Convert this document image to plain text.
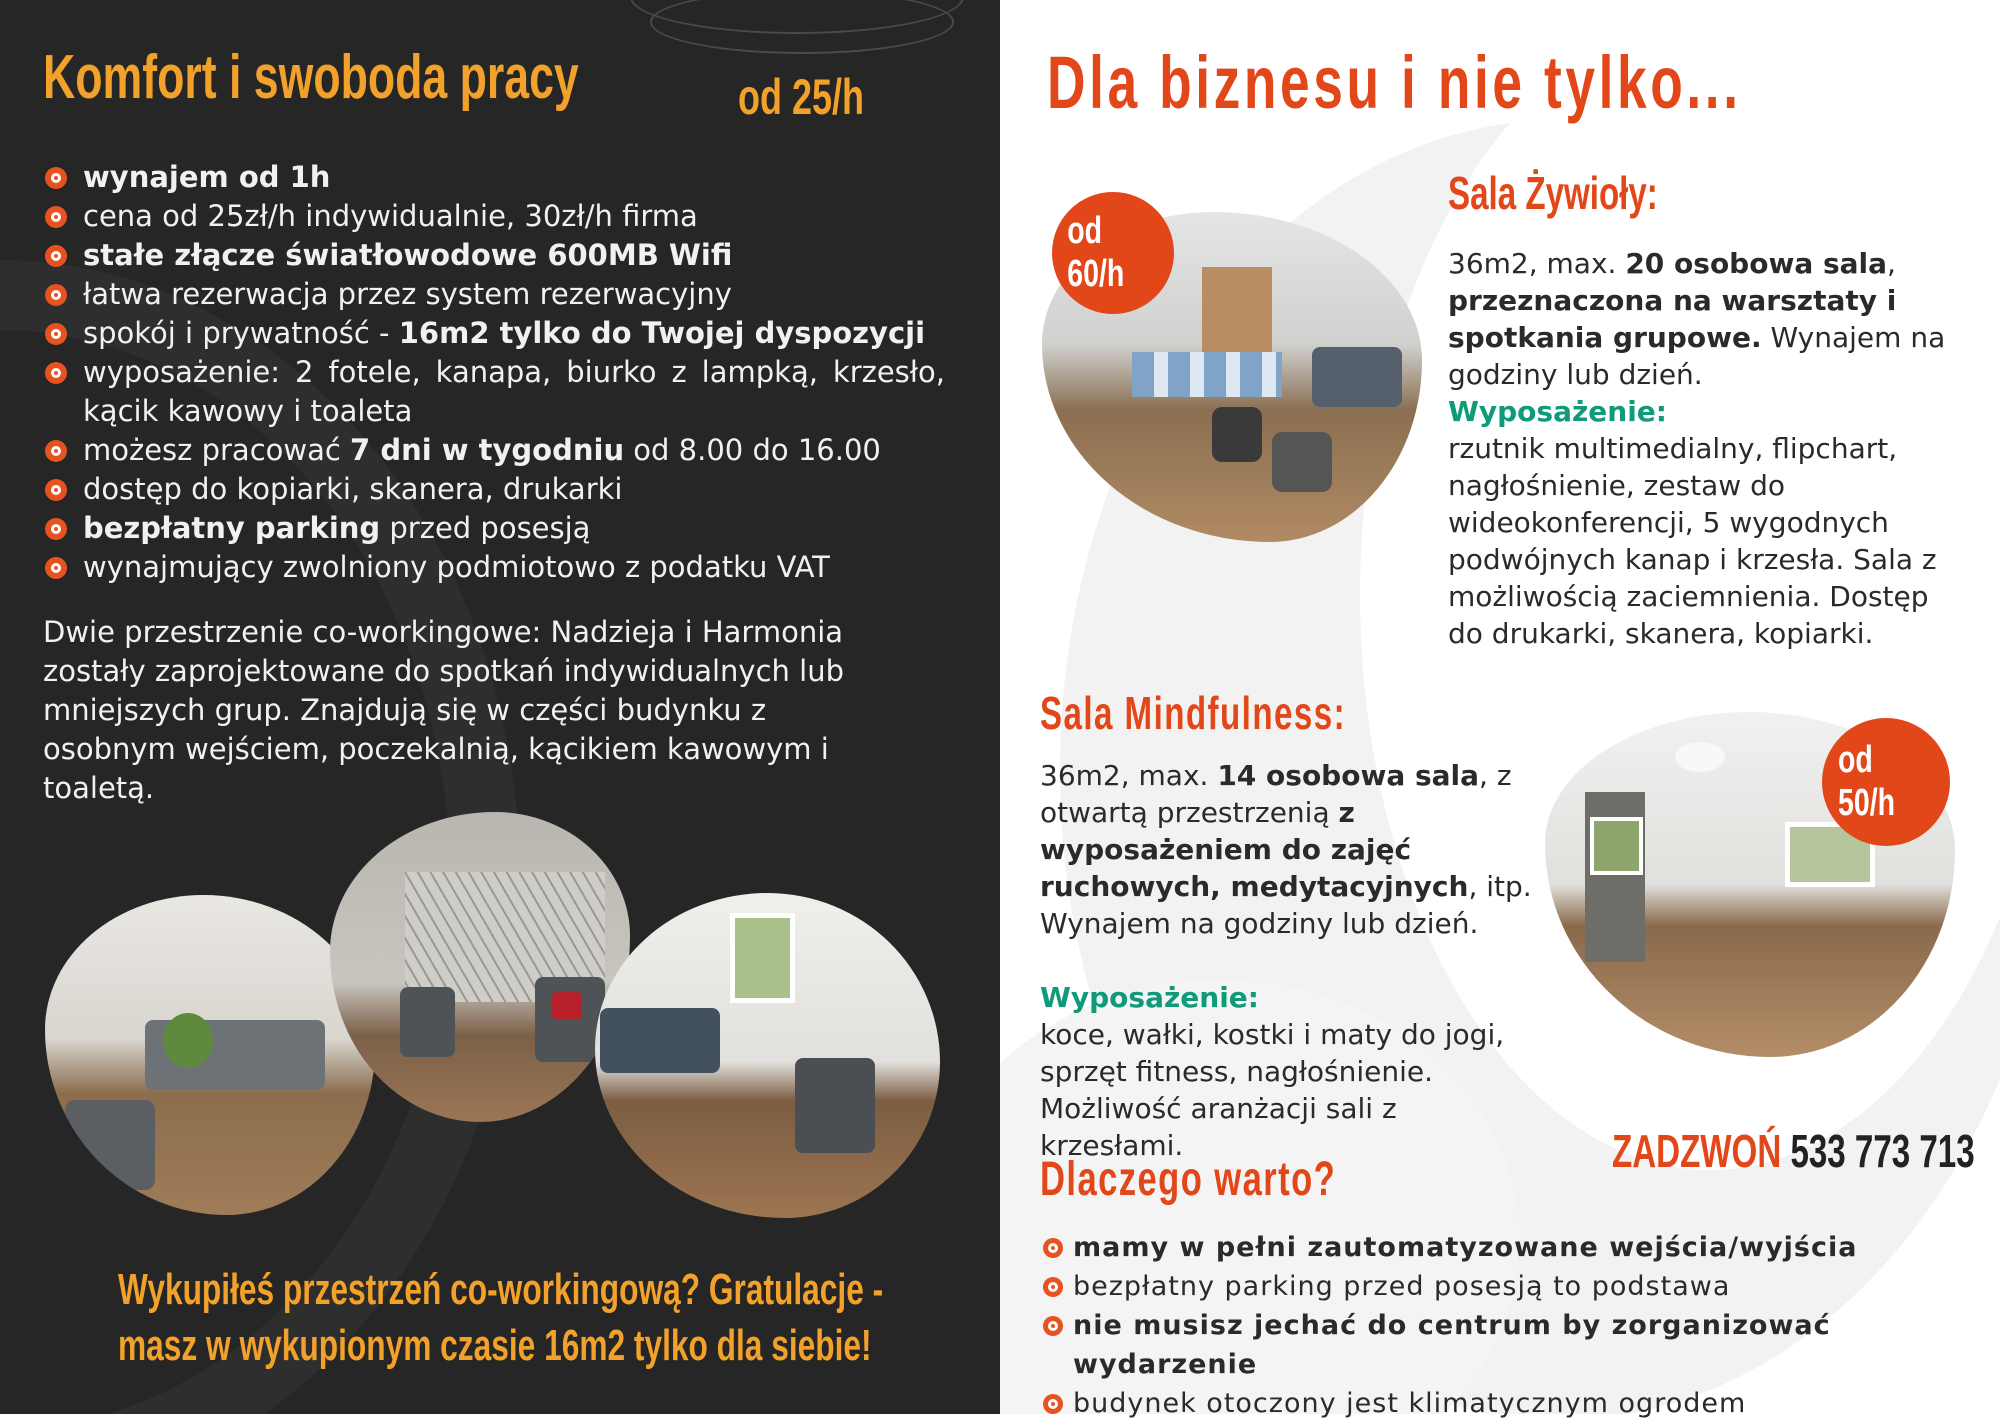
Komfort i swoboda pracy	od 25/h
wynajem od 1h
cena od 25zł/h indywidualnie, 30zł/h firma
stałe złącze światłowodowe 600MB Wifi
łatwa rezerwacja przez system rezerwacyjny
spokój i prywatność - 16m2 tylko do Twojej dyspozycji
wyposażenie: 2 fotele, kanapa, biurko z lampką, krzesło, kącik kawowy i toaleta
możesz pracować 7 dni w tygodniu od 8.00 do 16.00
dostęp do kopiarki, skanera, drukarki
bezpłatny parking przed posesją
wynajmujący zwolniony podmiotowo z podatku VAT
Dwie przestrzenie co-workingowe: Nadzieja i Harmonia zostały zaprojektowane do spotkań indywidualnych lub mniejszych grup. Znajdują się w części budynku z osobnym wejściem, poczekalnią, kącikiem kawowym i toaletą.
Wykupiłeś przestrzeń co-workingową? Gratulacje -
masz w wykupionym czasie 16m2 tylko dla siebie!
Dla biznesu i nie tylko...
od 60/h
Sala Żywioły:
36m2, max. 20 osobowa sala, przeznaczona na warsztaty i spotkania grupowe. Wynajem na godziny lub dzień.
Wyposażenie:
rzutnik multimedialny, flipchart, nagłośnienie, zestaw do wideokonferencji, 5 wygodnych podwójnych kanap i krzesła. Sala z możliwością zaciemnienia. Dostęp do drukarki, skanera, kopiarki.
Sala Mindfulness:
36m2, max. 14 osobowa sala, z otwartą przestrzenią z wyposażeniem do zajęć ruchowych, medytacyjnych, itp. Wynajem na godziny lub dzień.

Wyposażenie:
koce, wałki, kostki i maty do jogi, sprzęt fitness, nagłośnienie. Możliwość aranżacji sali z krzesłami.
od 50/h
ZADZWOŃ 533 773 713
Dlaczego warto?
mamy w pełni zautomatyzowane wejścia/wyjścia
bezpłatny parking przed posesją to podstawa
nie musisz jechać do centrum by zorganizować wydarzenie
budynek otoczony jest klimatycznym ogrodem
